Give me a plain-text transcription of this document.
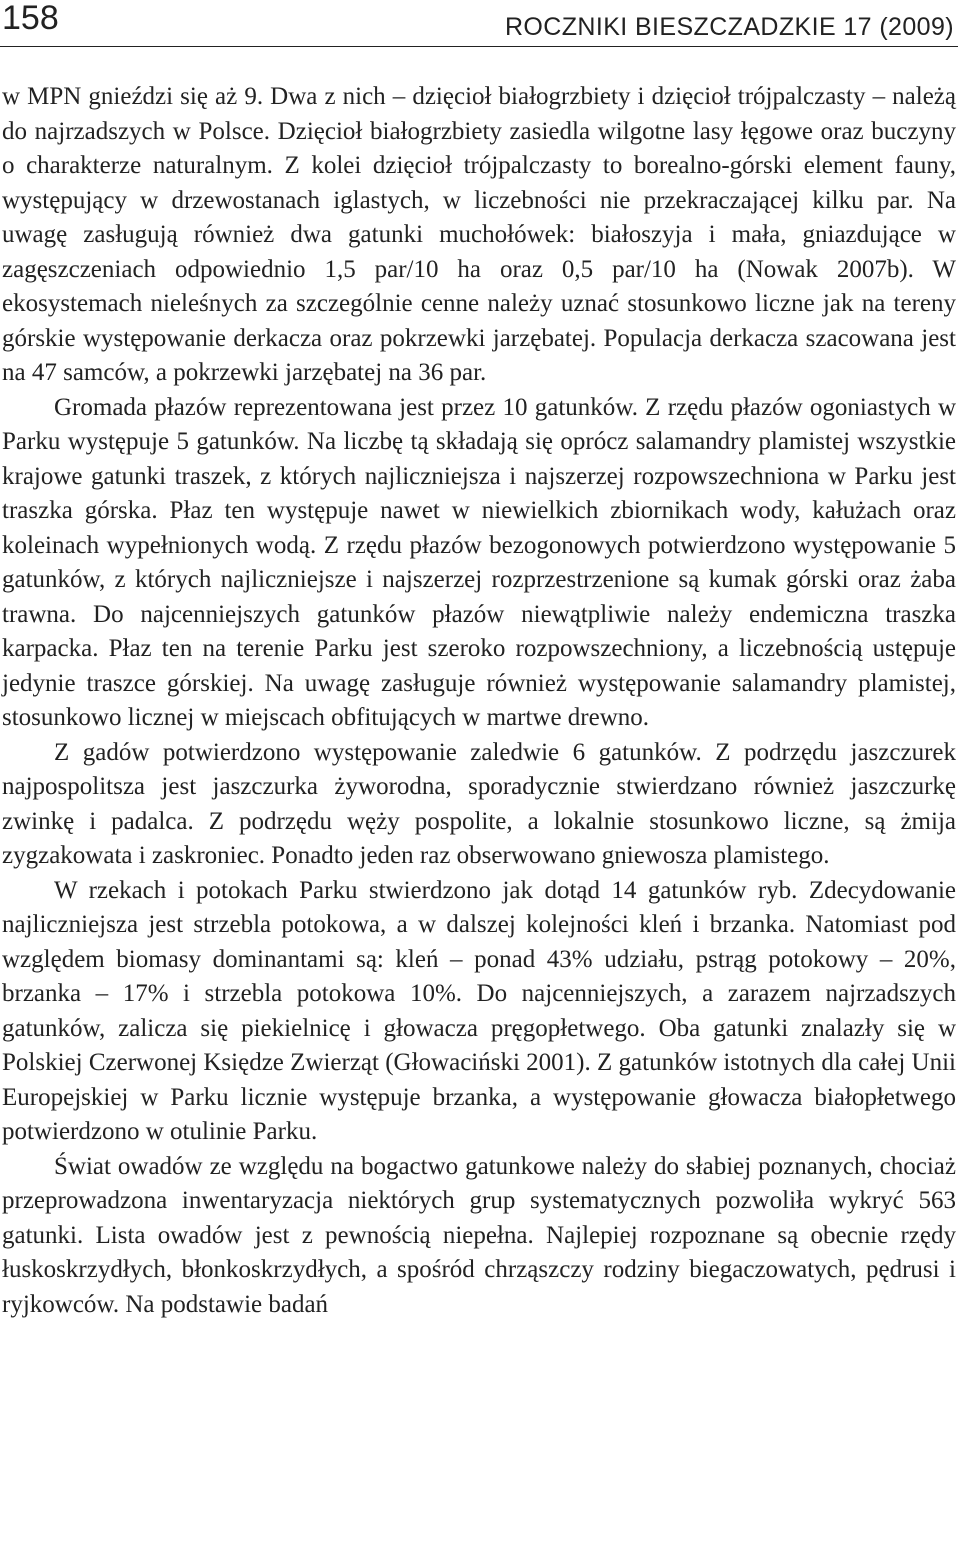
158	ROCZNIKI BIESZCZADZKIE 17 (2009)

w MPN gnieździ się aż 9. Dwa z nich – dzięcioł białogrzbiety i dzięcioł trójpalczasty – należą do najrzadszych w Polsce. Dzięcioł białogrzbiety zasiedla wilgotne lasy łęgowe oraz buczyny o charakterze naturalnym. Z kolei dzięcioł trójpalczasty to borealno-górski element fauny, występujący w drzewostanach iglastych, w liczebności nie przekraczającej kilku par. Na uwagę zasługują również dwa gatunki muchołówek: białoszyja i mała, gniazdujące w zagęszczeniach odpowiednio 1,5 par/10 ha oraz 0,5 par/10 ha (Nowak 2007b). W ekosystemach nieleśnych za szczególnie cenne należy uznać stosunkowo liczne jak na tereny górskie występowanie derkacza oraz pokrzewki jarzębatej. Populacja derkacza szacowana jest na 47 samców, a pokrzewki jarzębatej na 36 par.

Gromada płazów reprezentowana jest przez 10 gatunków. Z rzędu płazów ogoniastych w Parku występuje 5 gatunków. Na liczbę tą składają się oprócz salamandry plamistej wszystkie krajowe gatunki traszek, z których najliczniejsza i najszerzej rozpowszechniona w Parku jest traszka górska. Płaz ten występuje nawet w niewielkich zbiornikach wody, kałużach oraz koleinach wypełnionych wodą. Z rzędu płazów bezogonowych potwierdzono występowanie 5 gatunków, z których najliczniejsze i najszerzej rozprzestrzenione są kumak górski oraz żaba trawna. Do najcenniejszych gatunków płazów niewątpliwie należy endemiczna traszka karpacka. Płaz ten na terenie Parku jest szeroko rozpowszechniony, a liczebnością ustępuje jedynie traszce górskiej. Na uwagę zasługuje również występowanie salamandry plamistej, stosunkowo licznej w miejscach obfitujących w martwe drewno.

Z gadów potwierdzono występowanie zaledwie 6 gatunków. Z podrzędu jaszczurek najpospolitsza jest jaszczurka żyworodna, sporadycznie stwierdzano również jaszczurkę zwinkę i padalca. Z podrzędu węży pospolite, a lokalnie stosunkowo liczne, są żmija zygzakowata i zaskroniec. Ponadto jeden raz obserwowano gniewosza plamistego.

W rzekach i potokach Parku stwierdzono jak dotąd 14 gatunków ryb. Zdecydowanie najliczniejsza jest strzebla potokowa, a w dalszej kolejności kleń i brzanka. Natomiast pod względem biomasy dominantami są: kleń – ponad 43% udziału, pstrąg potokowy – 20%, brzanka – 17% i strzebla potokowa 10%. Do najcenniejszych, a zarazem najrzadszych gatunków, zalicza się piekielnicę i głowacza pręgopłetwego. Oba gatunki znalazły się w Polskiej Czerwonej Księdze Zwierząt (Głowaciński 2001). Z gatunków istotnych dla całej Unii Europejskiej w Parku licznie występuje brzanka, a występowanie głowacza białopłetwego potwierdzono w otulinie Parku.

Świat owadów ze względu na bogactwo gatunkowe należy do słabiej poznanych, chociaż przeprowadzona inwentaryzacja niektórych grup systematycznych pozwoliła wykryć 563 gatunki. Lista owadów jest z pewnością niepełna. Najlepiej rozpoznane są obecnie rzędy łuskoskrzydłych, błonkoskrzydłych, a spośród chrząszczy rodziny biegaczowatych, pędrusi i ryjkowców. Na podstawie badań
